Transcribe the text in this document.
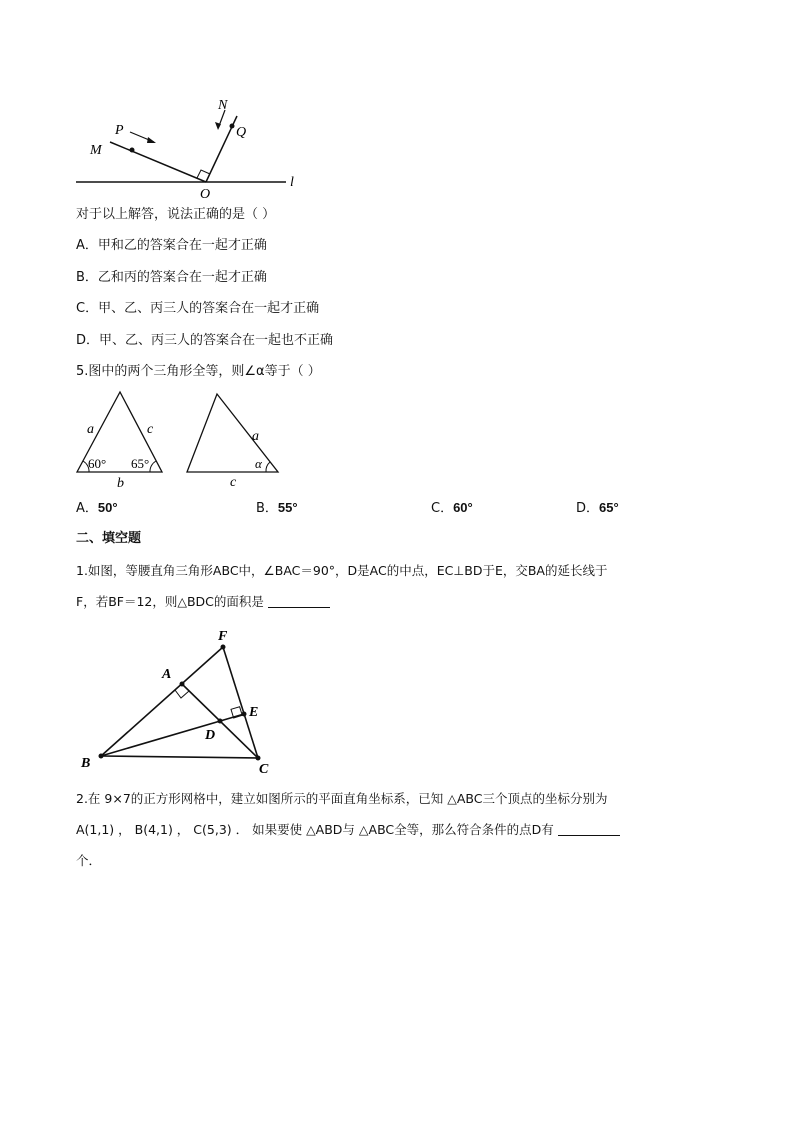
N
P
M
Q
O
l
对于以上解答，说法正确的是（ ）
A．甲和乙的答案合在一起才正确
B．乙和丙的答案合在一起才正确
C．甲、乙、丙三人的答案合在一起才正确
D．甲、乙、丙三人的答案合在一起也不正确
5.图中的两个三角形全等，则∠α等于（ ）
a	c
b
60° 65°
a
c
α
A．50°	B．55°	C．60°	D．65°
二、填空题
1.如图，等腰直角三角形ABC中，∠BAC＝90°，D是AC的中点，EC⊥BD于E，交BA的延长线于
F，若BF＝12，则△BDC的面积是
F
A
E
D
B	C
2.在 9×7的正方形网格中，建立如图所示的平面直角坐标系，已知 △ABC三个顶点的坐标分别为
A(1,1) ， B(4,1) ， C(5,3) ． 如果要使 △ABD与 △ABC全等，那么符合条件的点D有
个．
